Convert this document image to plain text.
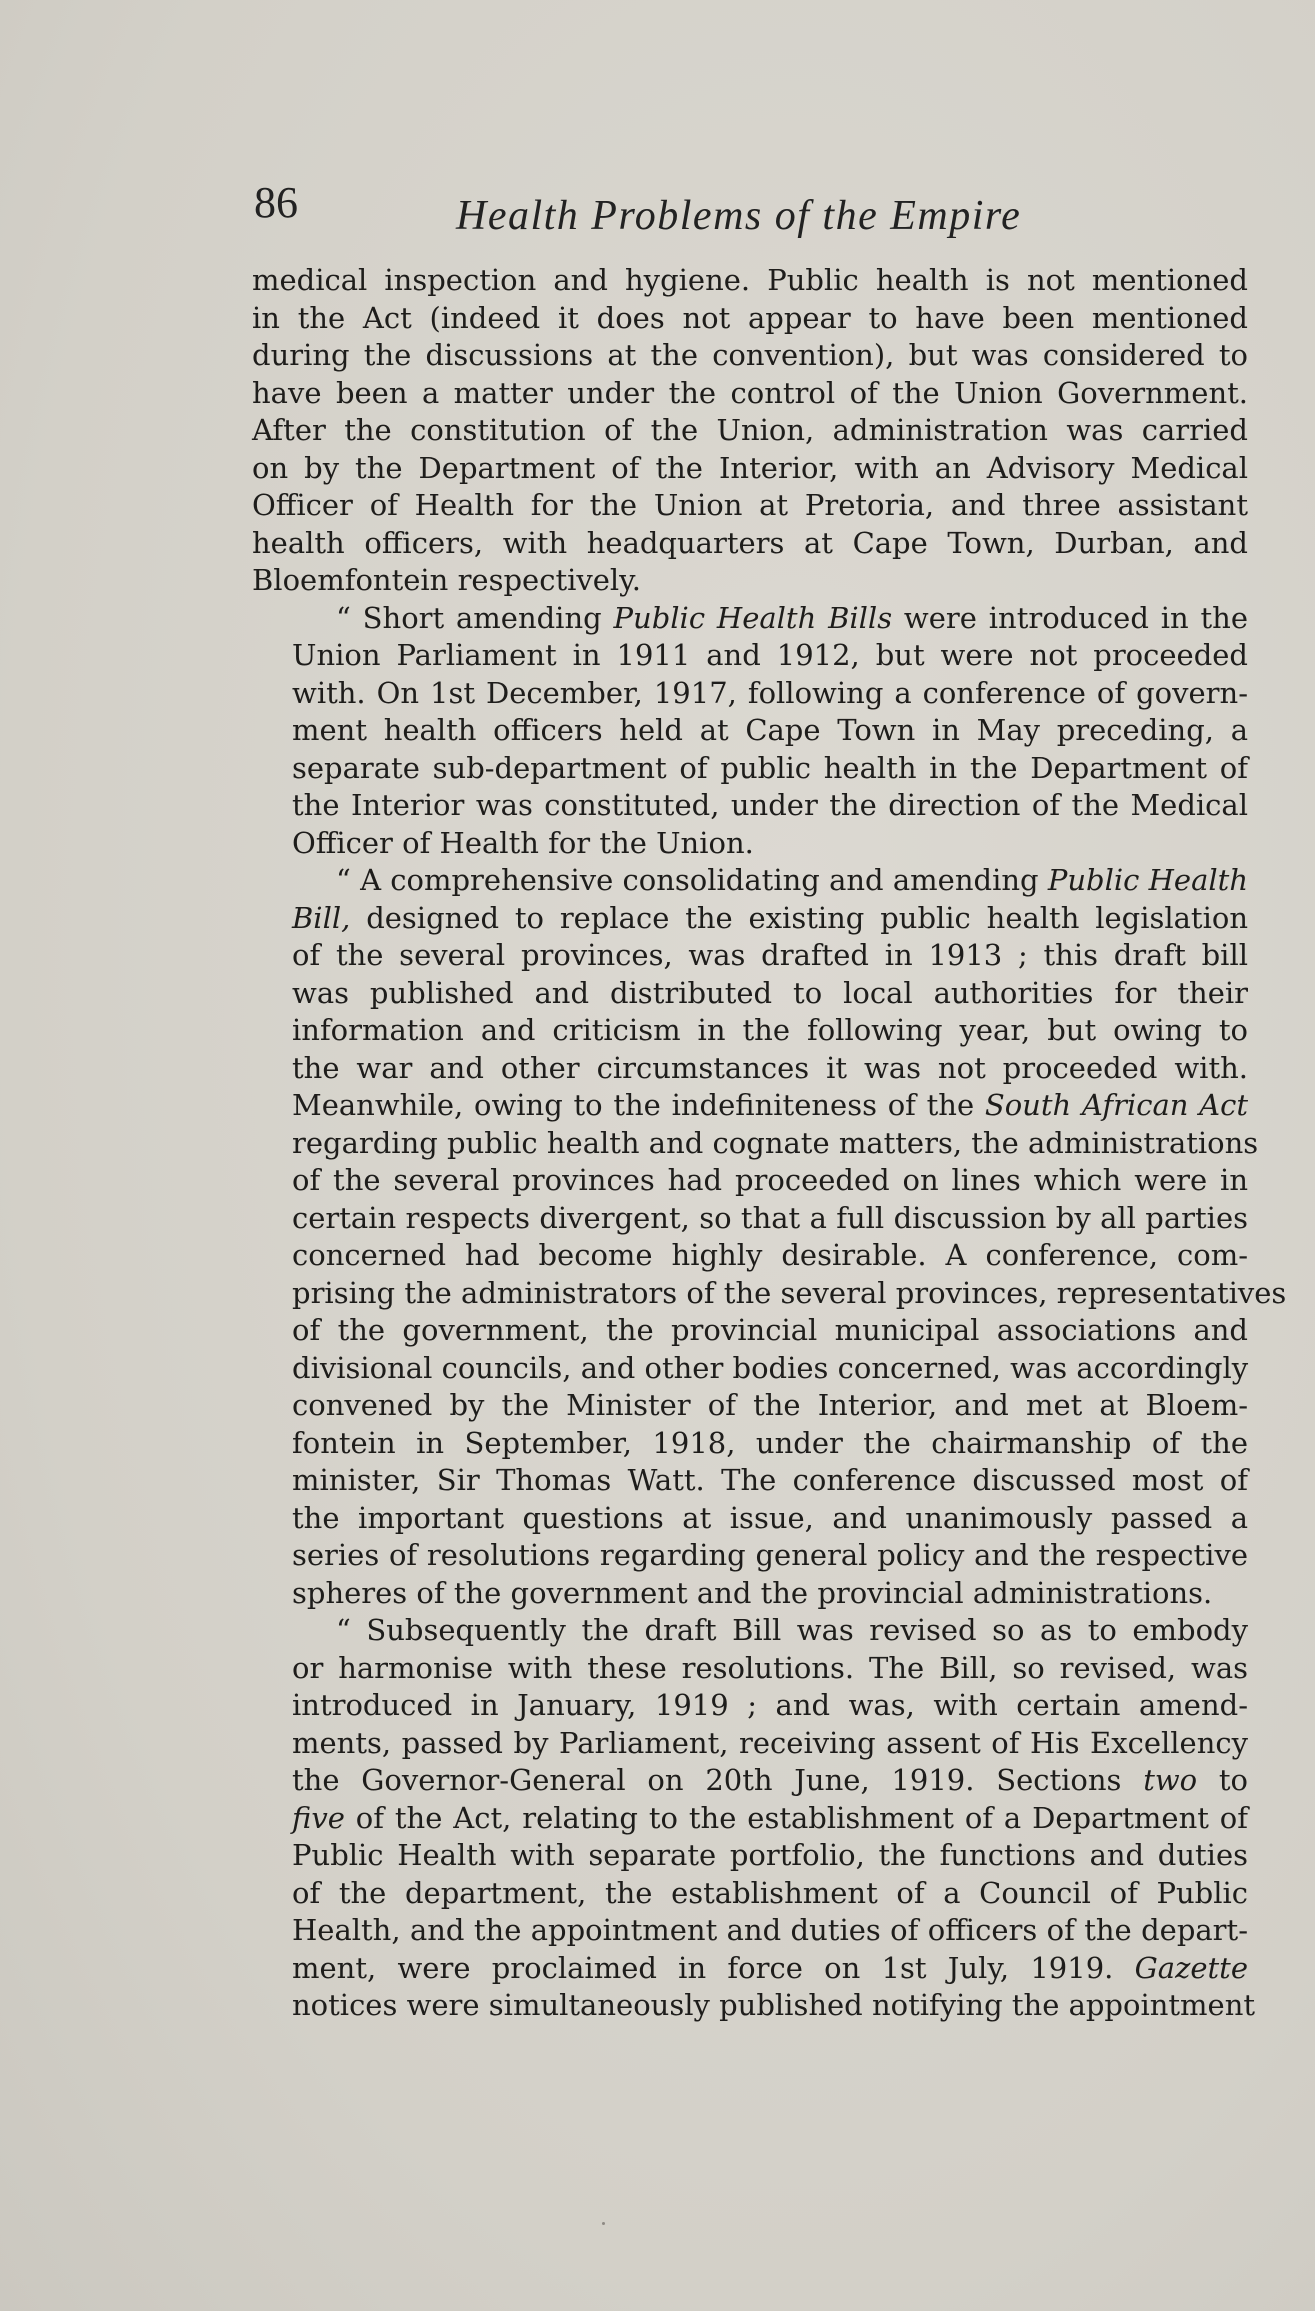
86	Health Problems of the Empire
medical inspection and hygiene. Public health is not mentioned
in the Act (indeed it does not appear to have been mentioned
during the discussions at the convention), but was considered to
have been a matter under the control of the Union Government.
After the constitution of the Union, administration was carried
on by the Department of the Interior, with an Advisory Medical
Officer of Health for the Union at Pretoria, and three assistant
health officers, with headquarters at Cape Town, Durban, and
Bloemfontein respectively.
“ Short amending Public Health Bills were introduced in the
Union Parliament in 1911 and 1912, but were not proceeded
with. On 1st December, 1917, following a conference of govern-
ment health officers held at Cape Town in May preceding, a
separate sub-department of public health in the Department of
the Interior was constituted, under the direction of the Medical
Officer of Health for the Union.
“ A comprehensive consolidating and amending Public Health
Bill, designed to replace the existing public health legislation
of the several provinces, was drafted in 1913 ; this draft bill
was published and distributed to local authorities for their
information and criticism in the following year, but owing to
the war and other circumstances it was not proceeded with.
Meanwhile, owing to the indefiniteness of the South African Act
regarding public health and cognate matters, the administrations
of the several provinces had proceeded on lines which were in
certain respects divergent, so that a full discussion by all parties
concerned had become highly desirable. A conference, com-
prising the administrators of the several provinces, representatives
of the government, the provincial municipal associations and
divisional councils, and other bodies concerned, was accordingly
convened by the Minister of the Interior, and met at Bloem-
fontein in September, 1918, under the chairmanship of the
minister, Sir Thomas Watt. The conference discussed most of
the important questions at issue, and unanimously passed a
series of resolutions regarding general policy and the respective
spheres of the government and the provincial administrations.
“ Subsequently the draft Bill was revised so as to embody
or harmonise with these resolutions. The Bill, so revised, was
introduced in January, 1919 ; and was, with certain amend-
ments, passed by Parliament, receiving assent of His Excellency
the Governor-General on 20th June, 1919. Sections two to
five of the Act, relating to the establishment of a Department of
Public Health with separate portfolio, the functions and duties
of the department, the establishment of a Council of Public
Health, and the appointment and duties of officers of the depart-
ment, were proclaimed in force on 1st July, 1919. Gazette
notices were simultaneously published notifying the appointment
